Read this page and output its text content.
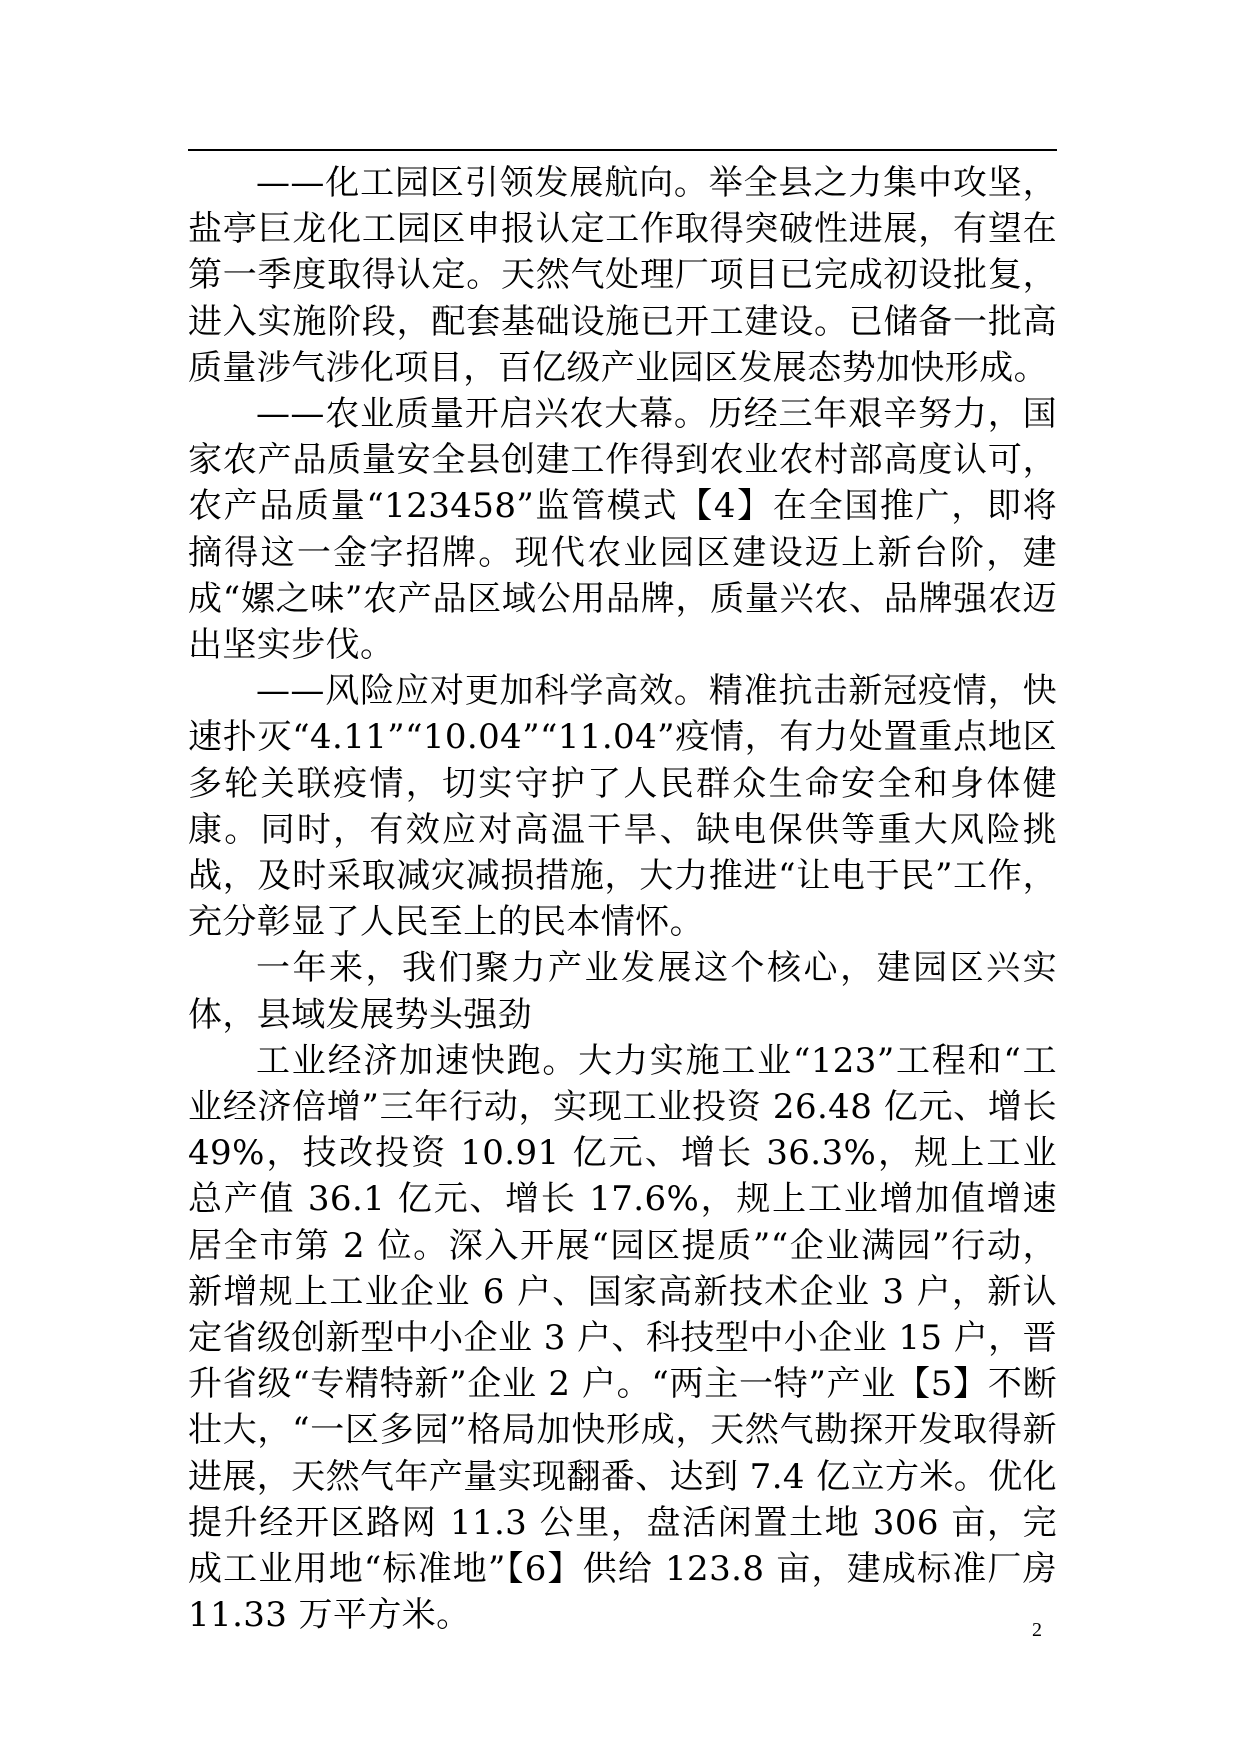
——化工园区引领发展航向。举全县之力集中攻坚，盐亭巨龙化工园区申报认定工作取得突破性进展，有望在第一季度取得认定。天然气处理厂项目已完成初设批复，进入实施阶段，配套基础设施已开工建设。已储备一批高质量涉气涉化项目，百亿级产业园区发展态势加快形成。

——农业质量开启兴农大幕。历经三年艰辛努力，国家农产品质量安全县创建工作得到农业农村部高度认可，农产品质量“123458”监管模式【4】在全国推广，即将摘得这一金字招牌。现代农业园区建设迈上新台阶，建成“嫘之味”农产品区域公用品牌，质量兴农、品牌强农迈出坚实步伐。

——风险应对更加科学高效。精准抗击新冠疫情，快速扑灭“4.11”“10.04”“11.04”疫情，有力处置重点地区多轮关联疫情，切实守护了人民群众生命安全和身体健康。同时，有效应对高温干旱、缺电保供等重大风险挑战，及时采取减灾减损措施，大力推进“让电于民”工作，充分彰显了人民至上的民本情怀。

一年来，我们聚力产业发展这个核心，建园区兴实体，县域发展势头强劲

工业经济加速快跑。大力实施工业“123”工程和“工业经济倍增”三年行动，实现工业投资 26.48 亿元、增长 49%，技改投资 10.91 亿元、增长 36.3%，规上工业总产值 36.1 亿元、增长 17.6%，规上工业增加值增速居全市第 2 位。深入开展“园区提质”“企业满园”行动，新增规上工业企业 6 户、国家高新技术企业 3 户，新认定省级创新型中小企业 3 户、科技型中小企业 15 户，晋升省级“专精特新”企业 2 户。“两主一特”产业【5】不断壮大，“一区多园”格局加快形成，天然气勘探开发取得新进展，天然气年产量实现翻番、达到 7.4 亿立方米。优化提升经开区路网 11.3 公里，盘活闲置土地 306 亩，完成工业用地“标准地”【6】供给 123.8 亩，建成标准厂房 11.33 万平方米。	2
